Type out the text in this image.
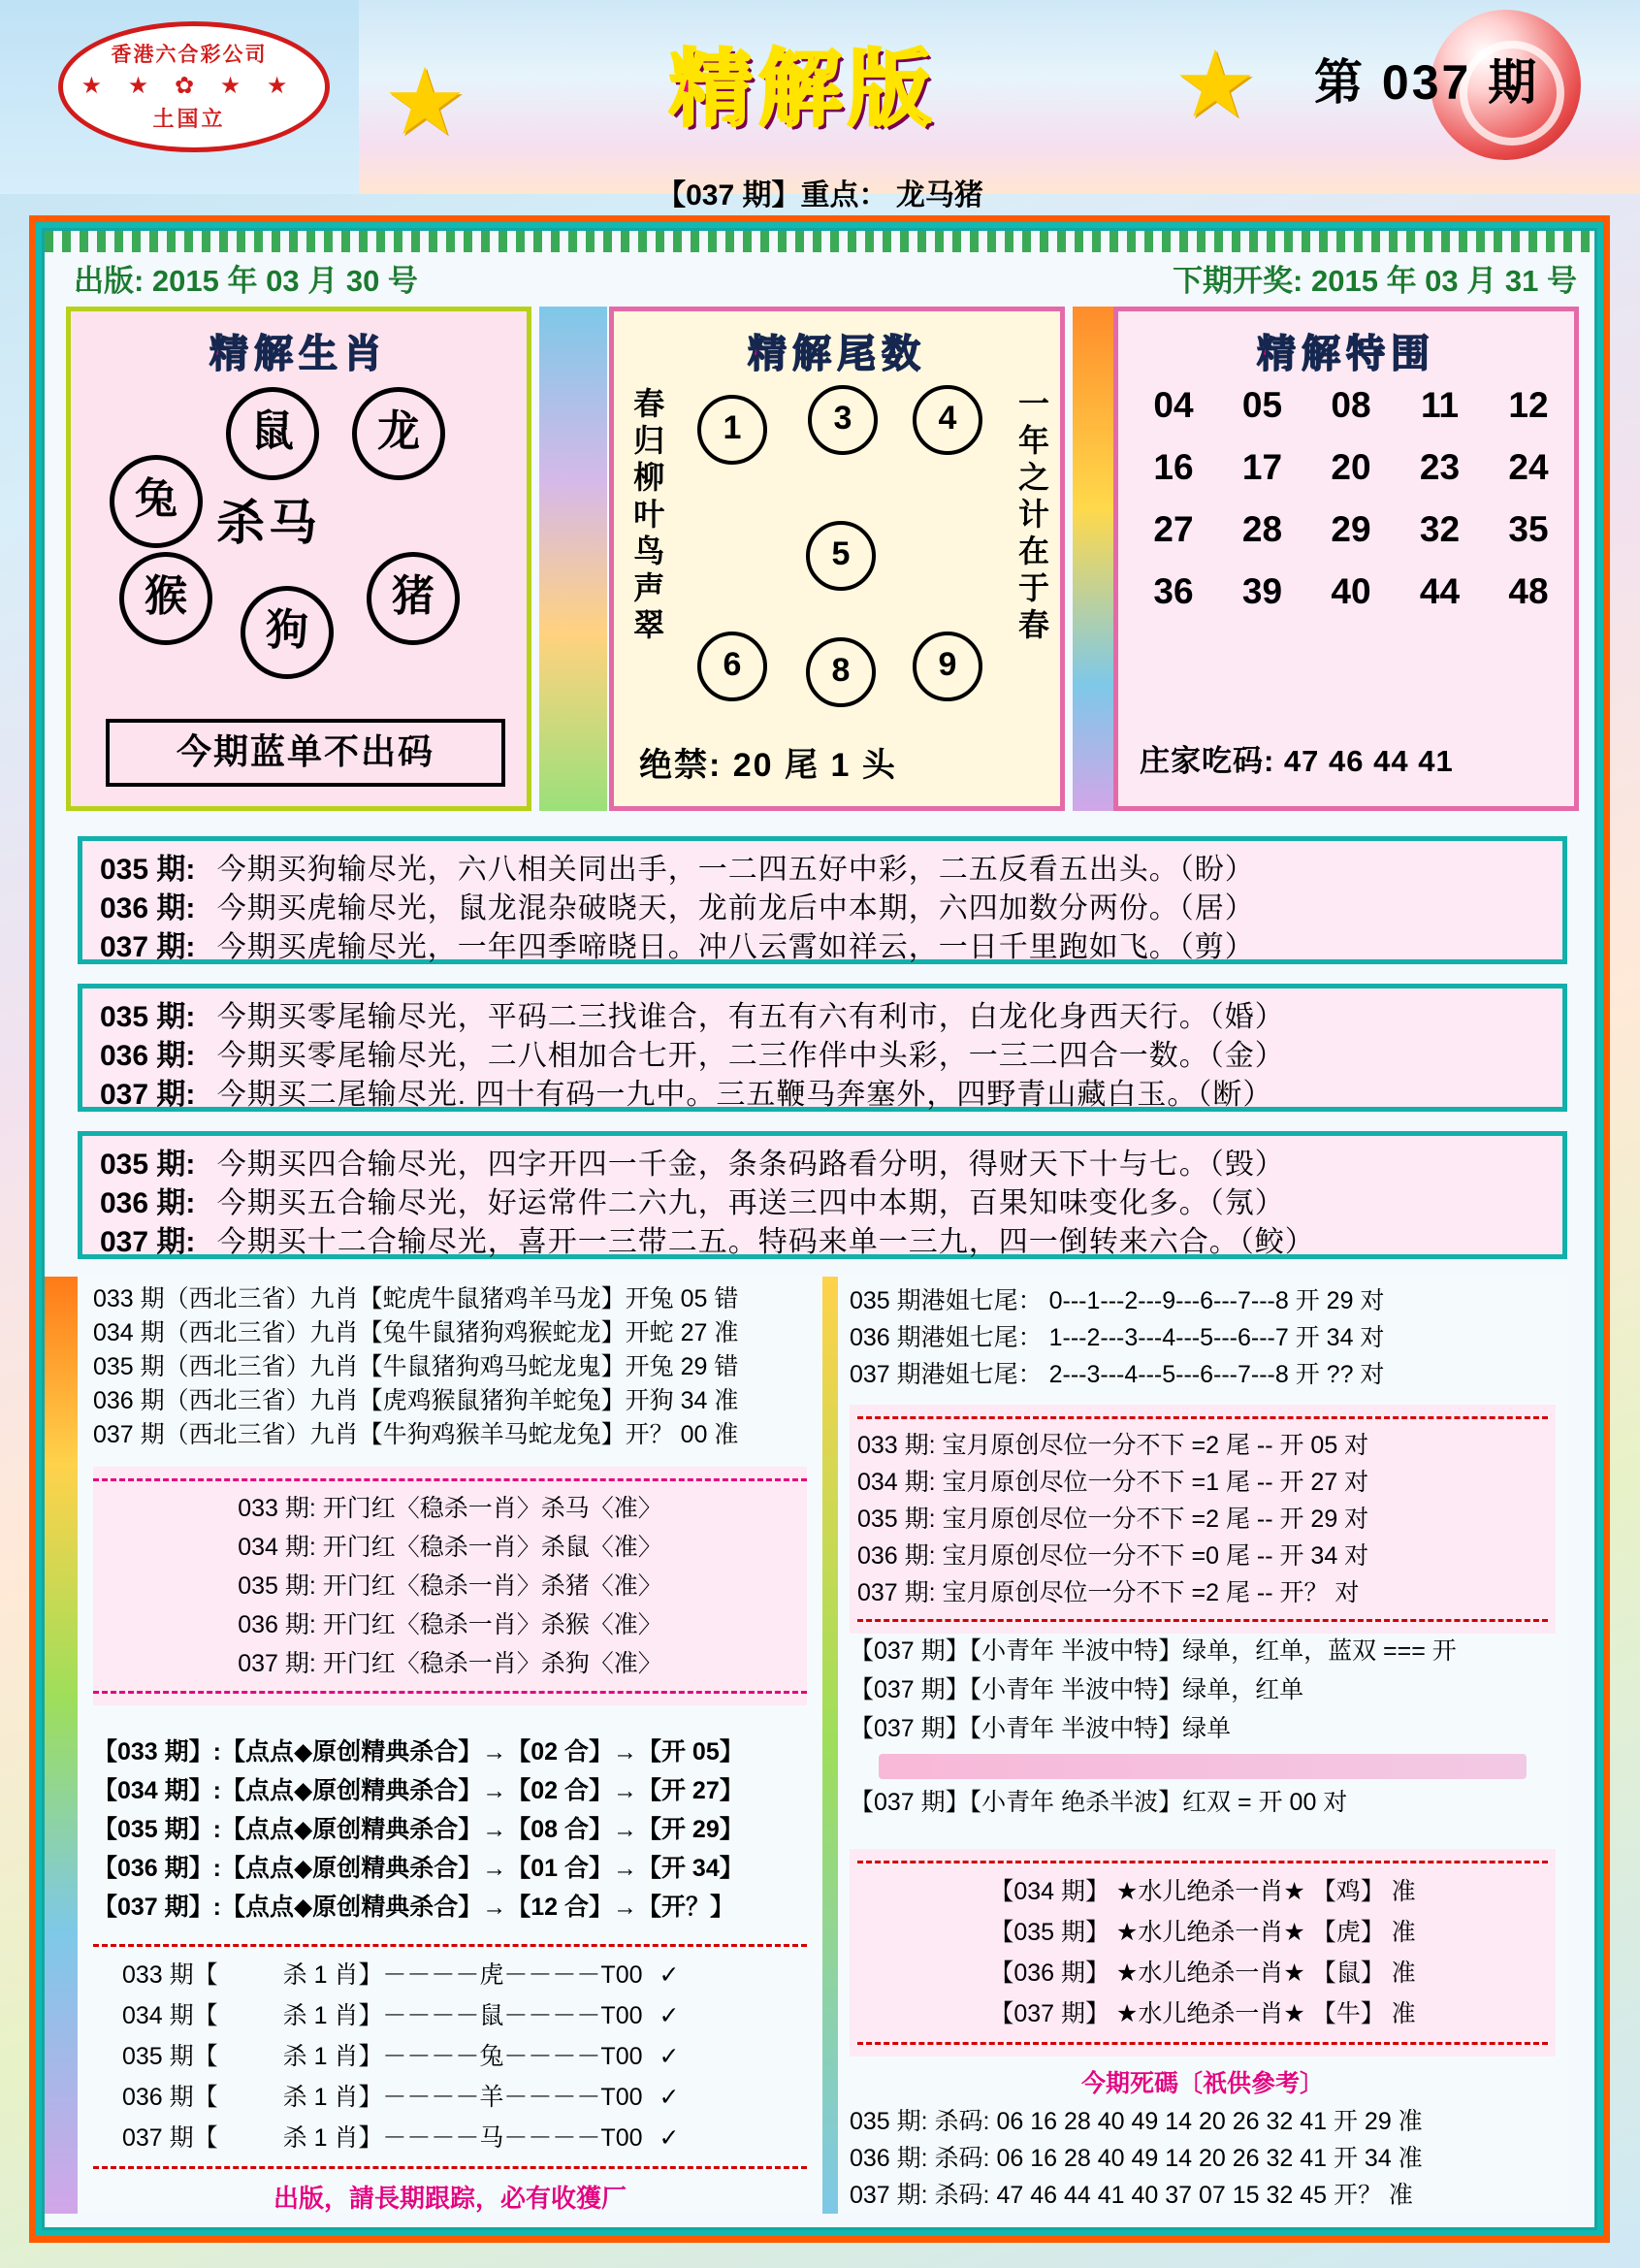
香港六合彩公司
★ ★ ✿ ★ ★
土国立	★	★
精解版	第 037 期
【037 期】重点： 龙马猪
出版: 2015 年 03 月 30 号	下期开奖: 2015 年 03 月 31 号
精解生肖
鼠	龙
兔 杀马
猴
狗
猪
今期蓝单不出码
精解尾数
春归柳叶鸟声翠	一年之计在于春
1	3	4
5
6	8	9
绝禁: 20 尾 1 头
精解特围
04	05	08	11	12
16	17	20	23	24
27	28	29	32	35
36	39	40	44	48
庄家吃码: 47 46 44 41
035 期: 今期买狗输尽光，六八相关同出手，一二四五好中彩，二五反看五出头。（盼）
036 期: 今期买虎输尽光，鼠龙混杂破晓天，龙前龙后中本期，六四加数分两份。（居）
037 期: 今期买虎输尽光，一年四季啼晓日。冲八云霄如祥云，一日千里跑如飞。（剪）
035 期: 今期买零尾输尽光，平码二三找谁合，有五有六有利市，白龙化身西天行。（婚）
036 期: 今期买零尾输尽光，二八相加合七开，二三作伴中头彩，一三二四合一数。（金）
037 期: 今期买二尾输尽光. 四十有码一九中。三五鞭马奔塞外，四野青山藏白玉。（断）
035 期: 今期买四合输尽光，四字开四一千金，条条码路看分明，得财天下十与七。（毁）
036 期: 今期买五合输尽光，好运常件二六九，再送三四中本期，百果知味变化多。（氖）
037 期: 今期买十二合输尽光，喜开一三带二五。特码来单一三九，四一倒转来六合。（鲛）
033 期（西北三省）九肖【蛇虎牛鼠猪鸡羊马龙】开兔 05 错
034 期（西北三省）九肖【兔牛鼠猪狗鸡猴蛇龙】开蛇 27 准
035 期（西北三省）九肖【牛鼠猪狗鸡马蛇龙鬼】开兔 29 错
036 期（西北三省）九肖【虎鸡猴鼠猪狗羊蛇兔】开狗 34 准
037 期（西北三省）九肖【牛狗鸡猴羊马蛇龙兔】开？ 00 准
033 期: 开门红〈稳杀一肖〉杀马〈准〉
034 期: 开门红〈稳杀一肖〉杀鼠〈准〉
035 期: 开门红〈稳杀一肖〉杀猪〈准〉
036 期: 开门红〈稳杀一肖〉杀猴〈准〉
037 期: 开门红〈稳杀一肖〉杀狗〈准〉
【033 期】:【点点◆原创精典杀合】→【02 合】→【开 05】
【034 期】:【点点◆原创精典杀合】→【02 合】→【开 27】
【035 期】:【点点◆原创精典杀合】→【08 合】→【开 29】
【036 期】:【点点◆原创精典杀合】→【01 合】→【开 34】
【037 期】:【点点◆原创精典杀合】→【12 合】→【开？】
033 期【	杀 1 肖】－－－－虎－－－－T00 ✓
034 期【	杀 1 肖】－－－－鼠－－－－T00 ✓
035 期【	杀 1 肖】－－－－兔－－－－T00 ✓
036 期【	杀 1 肖】－－－－羊－－－－T00 ✓
037 期【	杀 1 肖】－－－－马－－－－T00 ✓
出版，請長期跟踪，必有收獲厂
035 期港姐七尾： 0---1---2---9---6---7---8 开 29 对
036 期港姐七尾： 1---2---3---4---5---6---7 开 34 对
037 期港姐七尾： 2---3---4---5---6---7---8 开 ?? 对
033 期: 宝月原创尽位一分不下 =2 尾 -- 开 05 对
034 期: 宝月原创尽位一分不下 =1 尾 -- 开 27 对
035 期: 宝月原创尽位一分不下 =2 尾 -- 开 29 对
036 期: 宝月原创尽位一分不下 =0 尾 -- 开 34 对
037 期: 宝月原创尽位一分不下 =2 尾 -- 开？ 对
【037 期】【小青年 半波中特】绿单，红单，蓝双 === 开
【037 期】【小青年 半波中特】绿单，红单
【037 期】【小青年 半波中特】绿单
【037 期】【小青年 绝杀半波】红双 = 开 00 对
【034 期】 ★水儿绝杀一肖★ 【鸡】 准
【035 期】 ★水儿绝杀一肖★ 【虎】 准
【036 期】 ★水儿绝杀一肖★ 【鼠】 准
【037 期】 ★水儿绝杀一肖★ 【牛】 准
今期死碼〔祇供參考〕
035 期: 杀码: 06 16 28 40 49 14 20 26 32 41 开 29 准
036 期: 杀码: 06 16 28 40 49 14 20 26 32 41 开 34 准
037 期: 杀码: 47 46 44 41 40 37 07 15 32 45 开？ 准
